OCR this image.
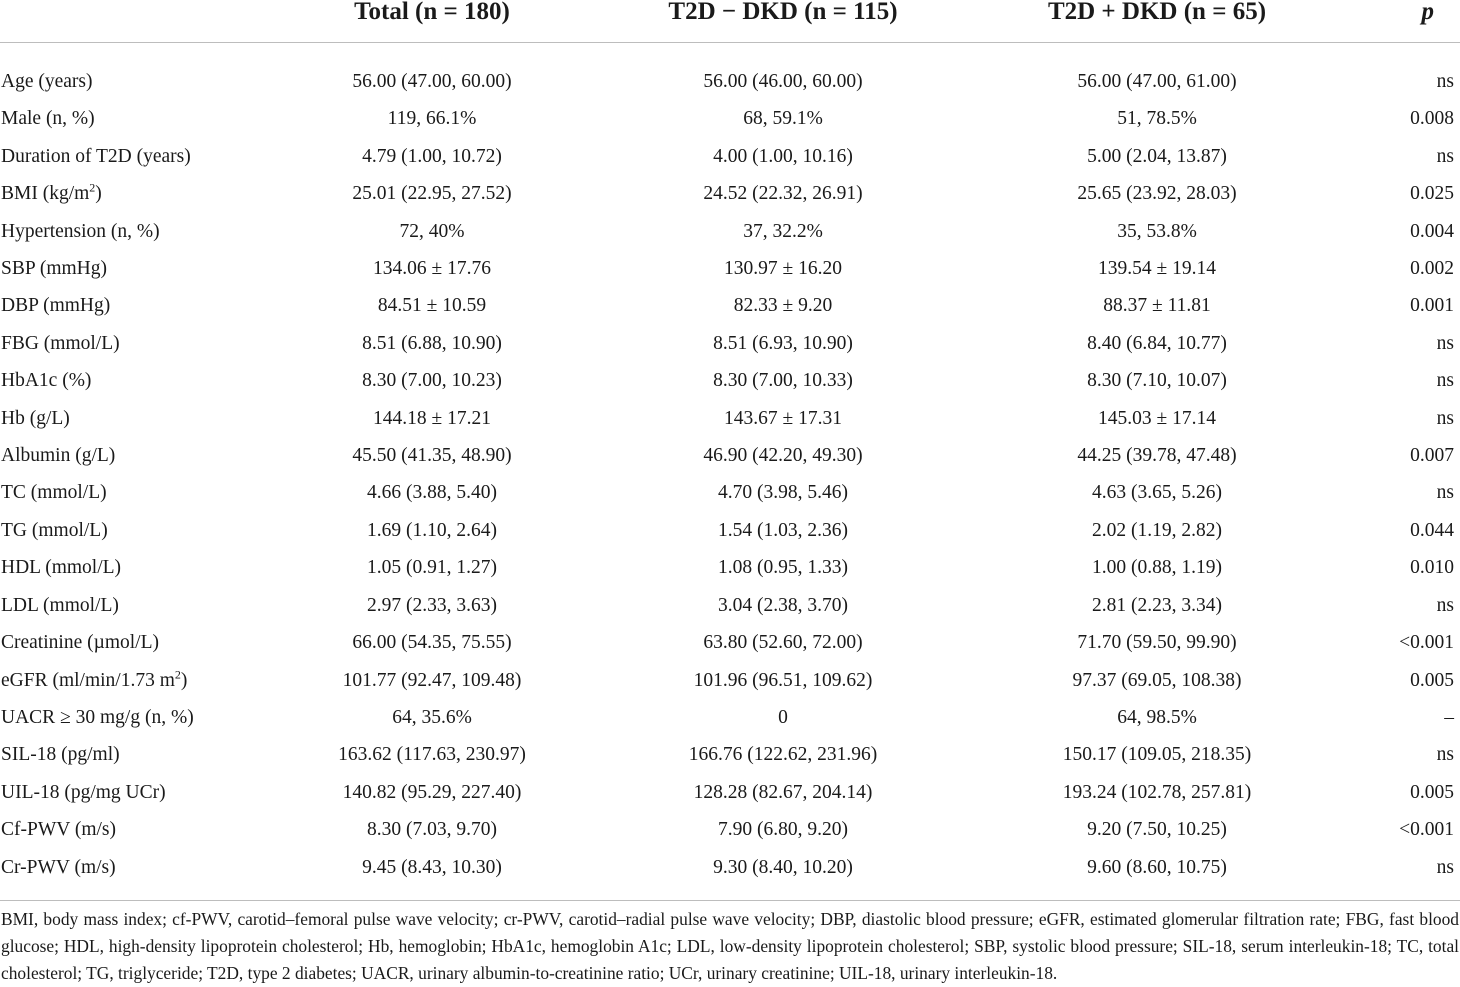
	Total (n = 180)	T2D − DKD (n = 115)	T2D + DKD (n = 65)	p
Age (years)	56.00 (47.00, 60.00)	56.00 (46.00, 60.00)	56.00 (47.00, 61.00)	ns
Male (n, %)	119, 66.1%	68, 59.1%	51, 78.5%	0.008
Duration of T2D (years)	4.79 (1.00, 10.72)	4.00 (1.00, 10.16)	5.00 (2.04, 13.87)	ns
BMI $(kg/m^2)$	25.01 (22.95, 27.52)	24.52 (22.32, 26.91)	25.65 (23.92, 28.03)	0.025
Hypertension (n, %)	72, 40%	37, 32.2%	35, 53.8%	0.004
SBP (mmHg)	134.06 ± 17.76	130.97 ± 16.20	139.54 ± 19.14	0.002
DBP (mmHg)	84.51 ± 10.59	82.33 ± 9.20	88.37 ± 11.81	0.001
FBG (mmol/L)	8.51 (6.88, 10.90)	8.51 (6.93, 10.90)	8.40 (6.84, 10.77)	ns
HbA1c (%)	8.30 (7.00, 10.23)	8.30 (7.00, 10.33)	8.30 (7.10, 10.07)	ns
Hb (g/L)	144.18 ± 17.21	143.67 ± 17.31	145.03 ± 17.14	ns
Albumin (g/L)	45.50 (41.35, 48.90)	46.90 (42.20, 49.30)	44.25 (39.78, 47.48)	0.007
TC (mmol/L)	4.66 (3.88, 5.40)	4.70 (3.98, 5.46)	4.63 (3.65, 5.26)	ns
TG (mmol/L)	1.69 (1.10, 2.64)	1.54 (1.03, 2.36)	2.02 (1.19, 2.82)	0.044
HDL (mmol/L)	1.05 (0.91, 1.27)	1.08 (0.95, 1.33)	1.00 (0.88, 1.19)	0.010
LDL (mmol/L)	2.97 (2.33, 3.63)	3.04 (2.38, 3.70)	2.81 (2.23, 3.34)	ns
Creatinine (µmol/L)	66.00 (54.35, 75.55)	63.80 (52.60, 72.00)	71.70 (59.50, 99.90)	<0.001
eGFR (ml/min/1.73 $m^2$)	101.77 (92.47, 109.48)	101.96 (96.51, 109.62)	97.37 (69.05, 108.38)	0.005
UACR ≥ 30 mg/g (n, %)	64, 35.6%	0	64, 98.5%	–
SIL-18 (pg/ml)	163.62 (117.63, 230.97)	166.76 (122.62, 231.96)	150.17 (109.05, 218.35)	ns
UIL-18 (pg/mg UCr)	140.82 (95.29, 227.40)	128.28 (82.67, 204.14)	193.24 (102.78, 257.81)	0.005
Cf-PWV (m/s)	8.30 (7.03, 9.70)	7.90 (6.80, 9.20)	9.20 (7.50, 10.25)	<0.001
Cr-PWV (m/s)	9.45 (8.43, 10.30)	9.30 (8.40, 10.20)	9.60 (8.60, 10.75)	ns
BMI, body mass index; cf-PWV, carotid–femoral pulse wave velocity; cr-PWV, carotid–radial pulse wave velocity; DBP, diastolic blood pressure; eGFR, estimated glomerular filtration rate; FBG, fast blood glucose; HDL, high-density lipoprotein cholesterol; Hb, hemoglobin; HbA1c, hemoglobin A1c; LDL, low-density lipoprotein cholesterol; SBP, systolic blood pressure; SIL-18, serum interleukin-18; TC, total cholesterol; TG, triglyceride; T2D, type 2 diabetes; UACR, urinary albumin-to-creatinine ratio; UCr, urinary creatinine; UIL-18, urinary interleukin-18.
